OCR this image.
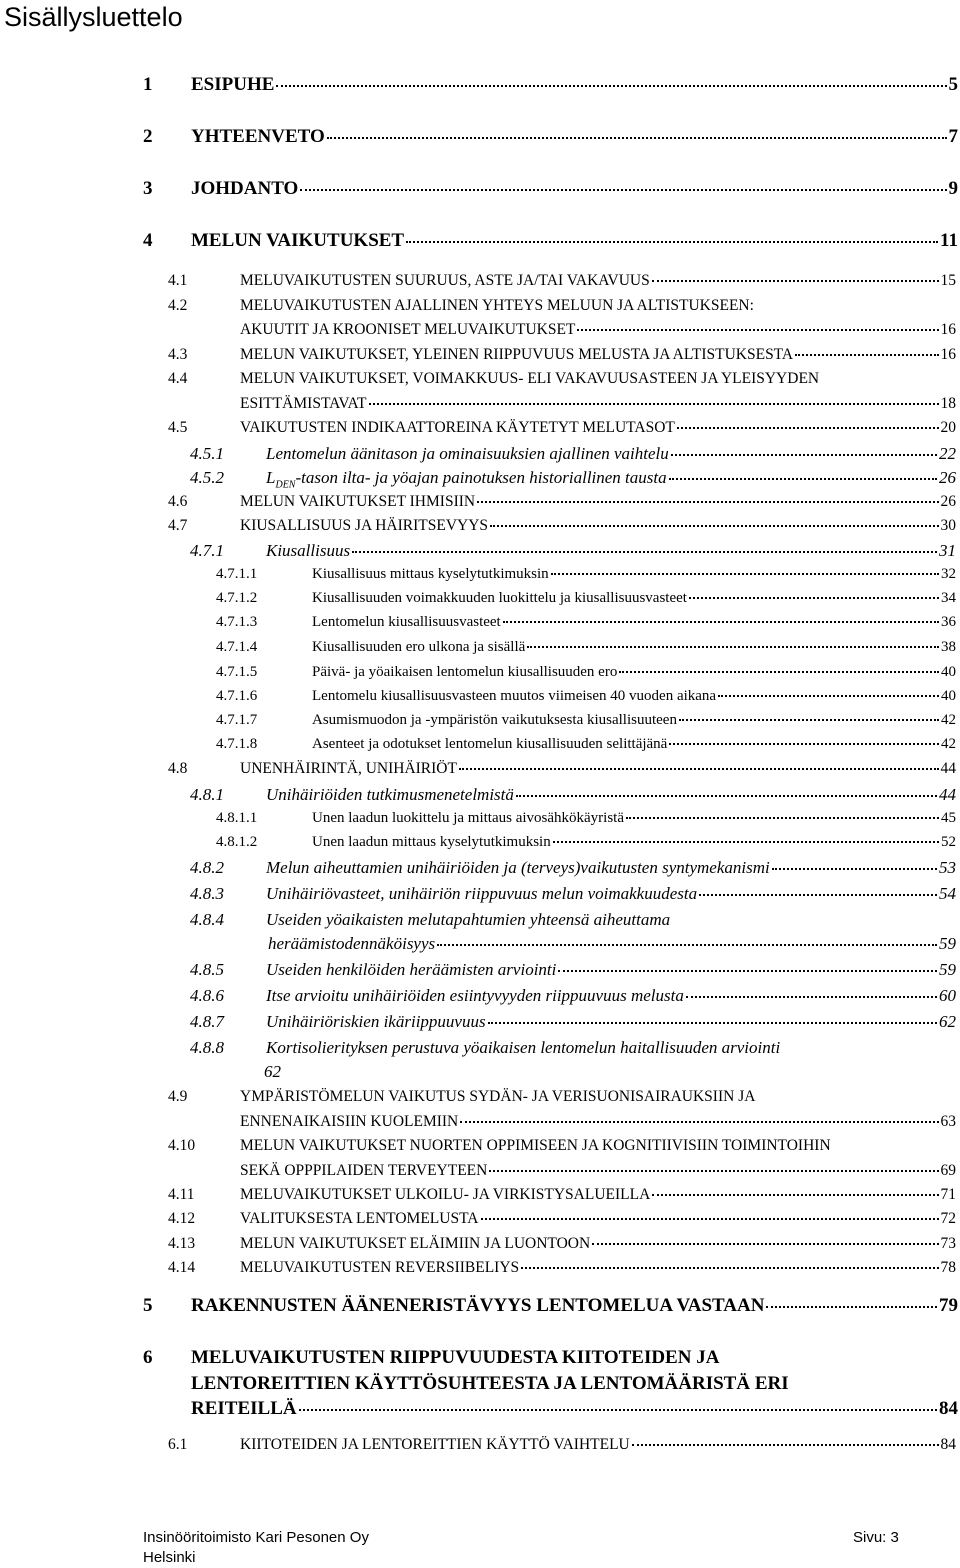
Sisällysluettelo
1	ESIPUHE	5
2	YHTEENVETO	7
3	JOHDANTO	9
4	MELUN VAIKUTUKSET	11
4.1	MELUVAIKUTUSTEN SUURUUS, ASTE JA/TAI VAKAVUUS	15
4.2	MELUVAIKUTUSTEN AJALLINEN YHTEYS MELUUN JA ALTISTUKSEEN:
AKUUTIT JA KROONISET MELUVAIKUTUKSET	16
4.3	MELUN VAIKUTUKSET, YLEINEN RIIPPUVUUS MELUSTA JA ALTISTUKSESTA	16
4.4	MELUN VAIKUTUKSET, VOIMAKKUUS- ELI VAKAVUUSASTEEN JA YLEISYYDEN
ESITTÄMISTAVAT	18
4.5	VAIKUTUSTEN INDIKAATTOREINA KÄYTETYT MELUTASOT	20
4.5.1	Lentomelun äänitason ja ominaisuuksien ajallinen vaihtelu	22
4.5.2	$L_{DEN}$-tason ilta- ja yöajan painotuksen historiallinen tausta	26
4.6	MELUN VAIKUTUKSET IHMISIIN	26
4.7	KIUSALLISUUS JA HÄIRITSEVYYS	30
4.7.1	Kiusallisuus	31
4.7.1.1	Kiusallisuus mittaus kyselytutkimuksin	32
4.7.1.2	Kiusallisuuden voimakkuuden luokittelu ja kiusallisuusvasteet	34
4.7.1.3	Lentomelun kiusallisuusvasteet	36
4.7.1.4	Kiusallisuuden ero ulkona ja sisällä	38
4.7.1.5	Päivä- ja yöaikaisen lentomelun kiusallisuuden ero	40
4.7.1.6	Lentomelu kiusallisuusvasteen muutos viimeisen 40 vuoden aikana	40
4.7.1.7	Asumismuodon ja -ympäristön vaikutuksesta kiusallisuuteen	42
4.7.1.8	Asenteet ja odotukset lentomelun kiusallisuuden selittäjänä	42
4.8	UNENHÄIRINTÄ, UNIHÄIRIÖT	44
4.8.1	Unihäiriöiden tutkimusmenetelmistä	44
4.8.1.1	Unen laadun luokittelu ja mittaus aivosähkökäyristä	45
4.8.1.2	Unen laadun mittaus kyselytutkimuksin	52
4.8.2	Melun aiheuttamien unihäiriöiden ja (terveys)vaikutusten syntymekanismi	53
4.8.3	Unihäiriövasteet, unihäiriön riippuvuus melun voimakkuudesta	54
4.8.4	Useiden yöaikaisten melutapahtumien yhteensä aiheuttama
heräämistodennäköisyys	59
4.8.5	Useiden henkilöiden heräämisten arviointi	59
4.8.6	Itse arvioitu unihäiriöiden esiintyvyyden riippuuvuus melusta	60
4.8.7	Unihäiriöriskien ikäriippuuvuus	62
4.8.8	Kortisolierityksen perustuva yöaikaisen lentomelun haitallisuuden arviointi
62
4.9	YMPÄRISTÖMELUN VAIKUTUS SYDÄN- JA VERISUONISAIRAUKSIIN JA
ENNENAIKAISIIN KUOLEMIIN	63
4.10	MELUN VAIKUTUKSET NUORTEN OPPIMISEEN JA KOGNITIIVISIIN TOIMINTOIHIN
SEKÄ OPPPILAIDEN TERVEYTEEN	69
4.11	MELUVAIKUTUKSET ULKOILU- JA VIRKISTYSALUEILLA	71
4.12	VALITUKSESTA LENTOMELUSTA	72
4.13	MELUN VAIKUTUKSET ELÄIMIIN JA LUONTOON	73
4.14	MELUVAIKUTUSTEN REVERSIIBELIYS	78
5	RAKENNUSTEN ÄÄNENERISTÄVYYS LENTOMELUA VASTAAN	79
6	MELUVAIKUTUSTEN RIIPPUVUUDESTA KIITOTEIDEN JA
LENTOREITTIEN KÄYTTÖSUHTEESTA JA LENTOMÄÄRISTÄ ERI
REITEILLÄ	84
6.1	KIITOTEIDEN JA LENTOREITTIEN KÄYTTÖ VAIHTELU	84
Insinööritoimisto Kari Pesonen Oy
Helsinki
Sivu: 3
